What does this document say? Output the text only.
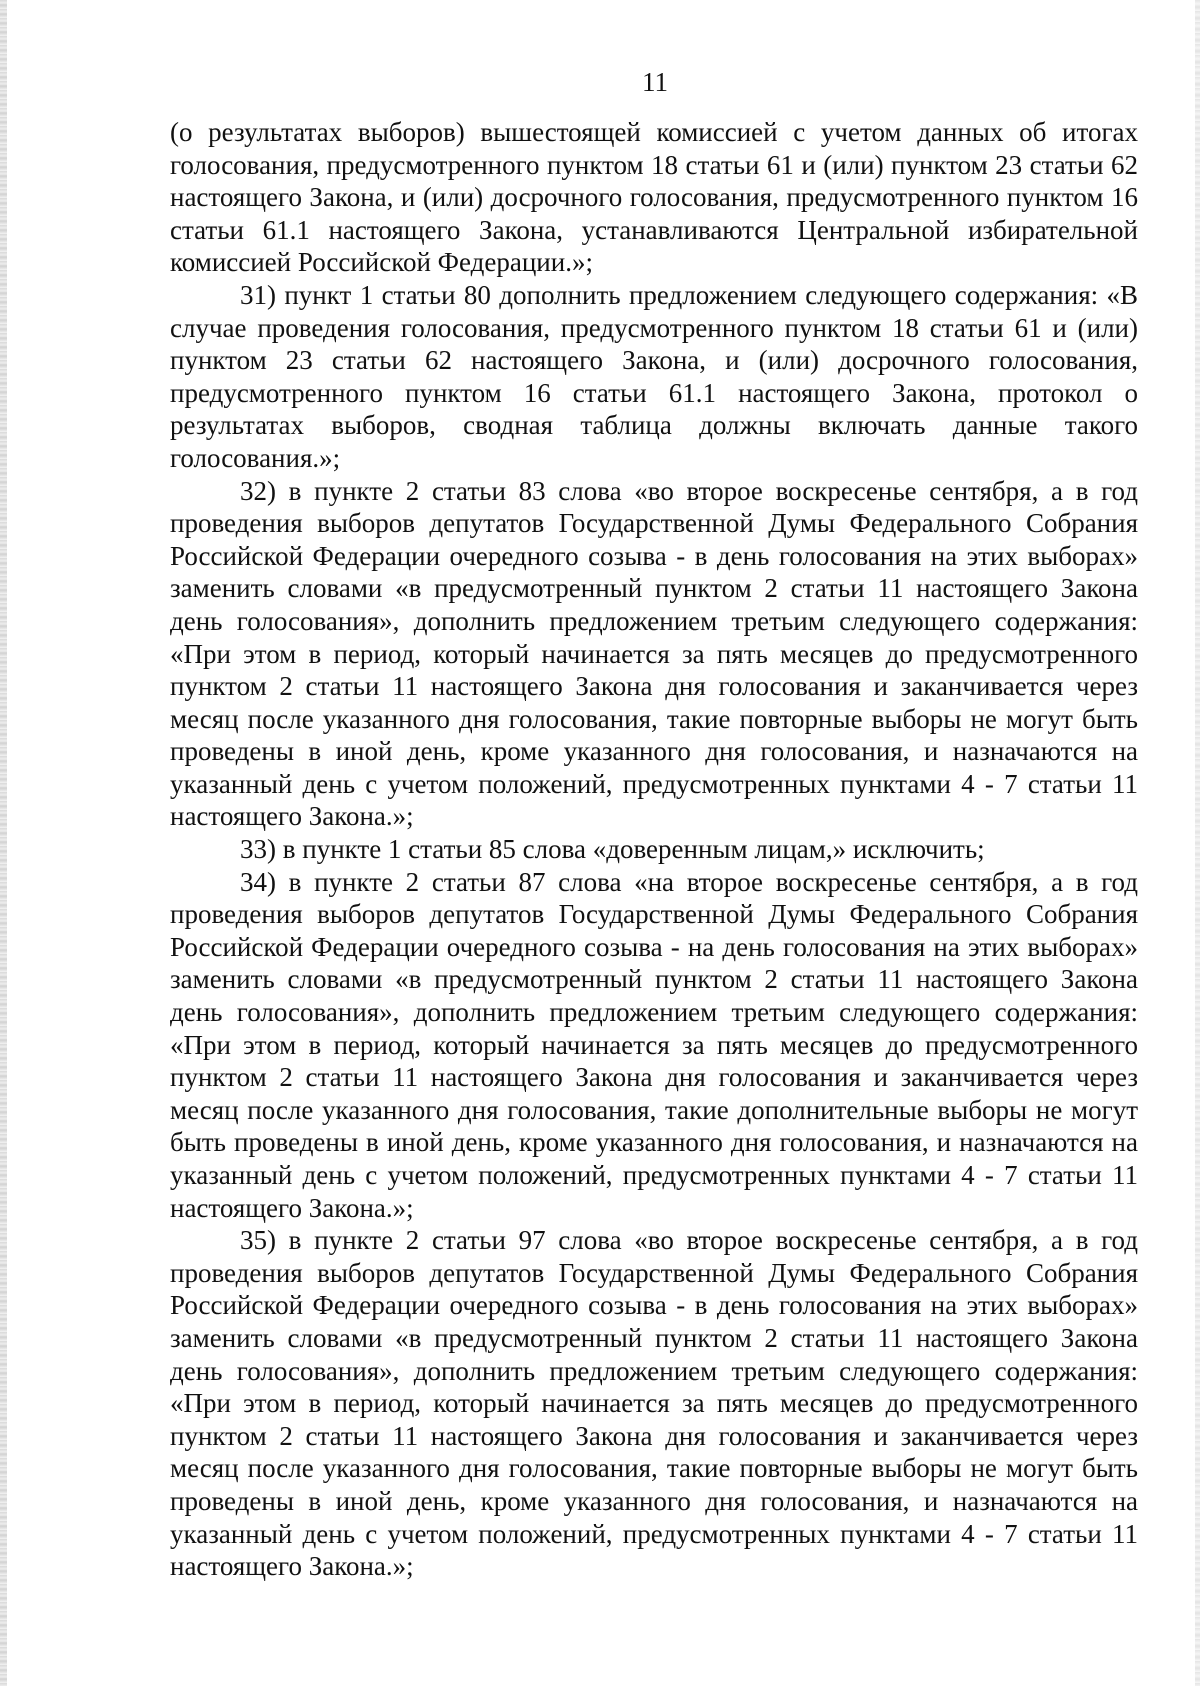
11

(о результатах выборов) вышестоящей комиссией с учетом данных об итогах голосования, предусмотренного пунктом 18 статьи 61 и (или) пунктом 23 статьи 62 настоящего Закона, и (или) досрочного голосования, предусмотренного пунктом 16 статьи 61.1 настоящего Закона, устанавливаются Центральной избирательной комиссией Российской Федерации.»;

31) пункт 1 статьи 80 дополнить предложением следующего содержания: «В случае проведения голосования, предусмотренного пунктом 18 статьи 61 и (или) пунктом 23 статьи 62 настоящего Закона, и (или) досрочного голосования, предусмотренного пунктом 16 статьи 61.1 настоящего Закона, протокол о результатах выборов, сводная таблица должны включать данные такого голосования.»;

32) в пункте 2 статьи 83 слова «во второе воскресенье сентября, а в год проведения выборов депутатов Государственной Думы Федерального Собрания Российской Федерации очередного созыва - в день голосования на этих выборах» заменить словами «в предусмотренный пунктом 2 статьи 11 настоящего Закона день голосования», дополнить предложением третьим следующего содержания: «При этом в период, который начинается за пять месяцев до предусмотренного пунктом 2 статьи 11 настоящего Закона дня голосования и заканчивается через месяц после указанного дня голосования, такие повторные выборы не могут быть проведены в иной день, кроме указанного дня голосования, и назначаются на указанный день с учетом положений, предусмотренных пунктами 4 - 7 статьи 11 настоящего Закона.»;

33) в пункте 1 статьи 85 слова «доверенным лицам,» исключить;

34) в пункте 2 статьи 87 слова «на второе воскресенье сентября, а в год проведения выборов депутатов Государственной Думы Федерального Собрания Российской Федерации очередного созыва - на день голосования на этих выборах» заменить словами «в предусмотренный пунктом 2 статьи 11 настоящего Закона день голосования», дополнить предложением третьим следующего содержания: «При этом в период, который начинается за пять месяцев до предусмотренного пунктом 2 статьи 11 настоящего Закона дня голосования и заканчивается через месяц после указанного дня голосования, такие дополнительные выборы не могут быть проведены в иной день, кроме указанного дня голосования, и назначаются на указанный день с учетом положений, предусмотренных пунктами 4 - 7 статьи 11 настоящего Закона.»;

35) в пункте 2 статьи 97 слова «во второе воскресенье сентября, а в год проведения выборов депутатов Государственной Думы Федерального Собрания Российской Федерации очередного созыва - в день голосования на этих выборах» заменить словами «в предусмотренный пунктом 2 статьи 11 настоящего Закона день голосования», дополнить предложением третьим следующего содержания: «При этом в период, который начинается за пять месяцев до предусмотренного пунктом 2 статьи 11 настоящего Закона дня голосования и заканчивается через месяц после указанного дня голосования, такие повторные выборы не могут быть проведены в иной день, кроме указанного дня голосования, и назначаются на указанный день с учетом положений, предусмотренных пунктами 4 - 7 статьи 11 настоящего Закона.»;
